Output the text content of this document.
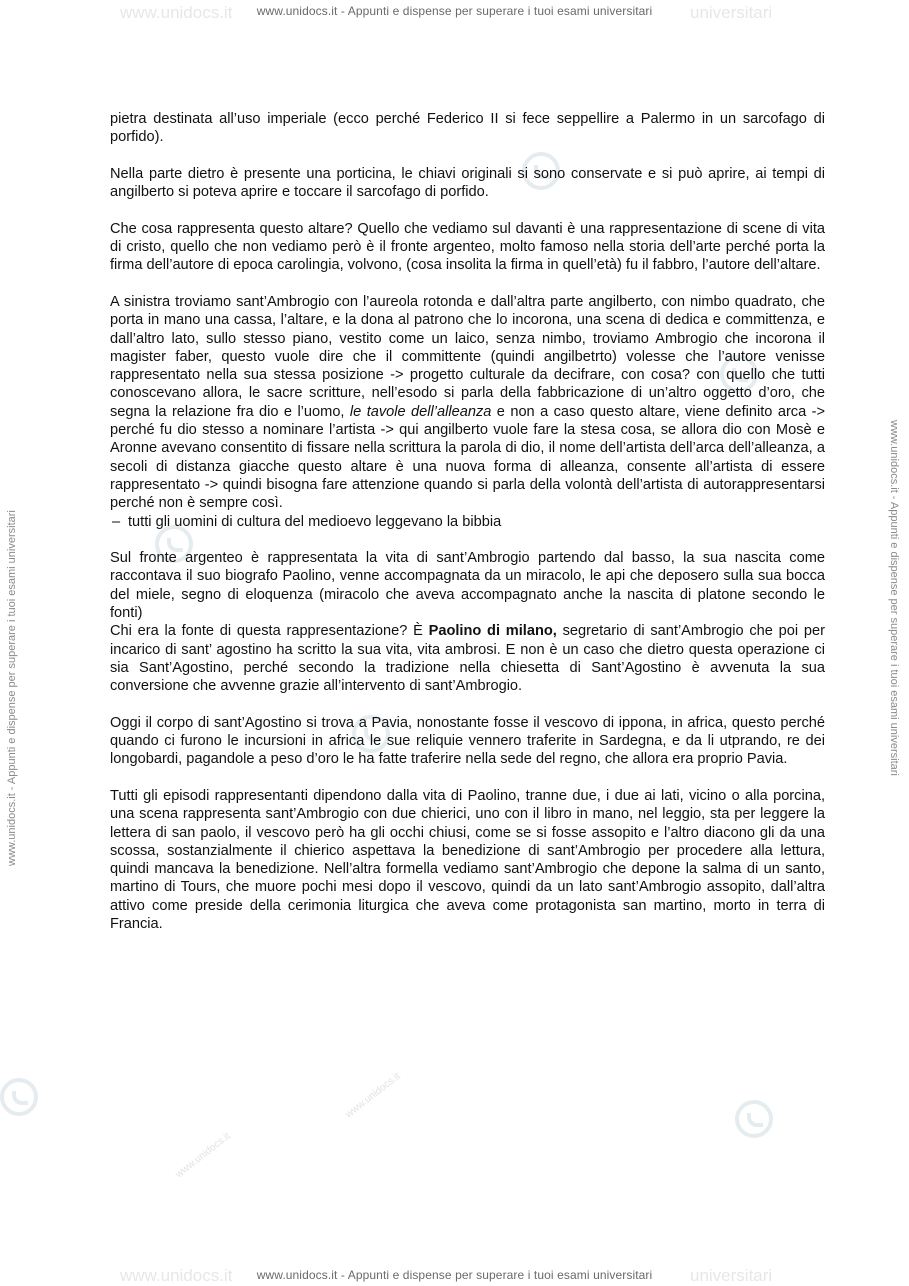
www.unidocs.it	universitari
www.unidocs.it - Appunti e dispense per superare i tuoi esami universitari
www.unidocs.it - Appunti e dispense per superare i tuoi esami universitari	www.unidocs.it - Appunti e dispense per superare i tuoi esami universitari
www.unidocs.it
www.unidocs.it

pietra destinata all’uso imperiale (ecco perché Federico II si fece seppellire a Palermo in un sarcofago di porfido).

Nella parte dietro è presente una porticina, le chiavi originali si sono conservate e si può aprire, ai tempi di angilberto si poteva aprire e toccare il sarcofago di porfido.

Che cosa rappresenta questo altare? Quello che vediamo sul davanti è una rappresentazione di scene di vita di cristo, quello che non vediamo però è il fronte argenteo, molto famoso nella storia dell’arte perché porta la firma dell’autore di epoca carolingia, volvono, (cosa insolita la firma in quell’età) fu il fabbro, l’autore dell’altare.

A sinistra troviamo sant’Ambrogio con l’aureola rotonda e dall’altra parte angilberto, con nimbo quadrato, che porta in mano una cassa, l’altare, e la dona al patrono che lo incorona, una scena di dedica e committenza, e dall’altro lato, sullo stesso piano, vestito come un laico, senza nimbo, troviamo Ambrogio che incorona il magister faber, questo vuole dire che il committente (quindi angilbetrto) volesse che l’autore venisse rappresentato nella sua stessa posizione -> progetto culturale da decifrare, con cosa? con quello che tutti conoscevano allora, le sacre scritture, nell’esodo si parla della fabbricazione di un’altro oggetto d’oro, che segna la relazione fra dio e l’uomo, le tavole dell’alleanza e non a caso questo altare, viene definito arca -> perché fu dio stesso a nominare l’artista -> qui angilberto vuole fare la stesa cosa, se allora dio con Mosè e Aronne avevano consentito di fissare nella scrittura la parola di dio, il nome dell’artista dell’arca dell’alleanza, a secoli di distanza giacche questo altare è una nuova forma di alleanza, consente all’artista di essere rappresentato -> quindi bisogna fare attenzione quando si parla della volontà dell’artista di autorappresentarsi perché non è sempre così.

– tutti gli uomini di cultura del medioevo leggevano la bibbia

Sul fronte argenteo è rappresentata la vita di sant’Ambrogio partendo dal basso, la sua nascita come raccontava il suo biografo Paolino, venne accompagnata da un miracolo, le api che deposero sulla sua bocca del miele, segno di eloquenza (miracolo che aveva accompagnato anche la nascita di platone secondo le fonti)

Chi era la fonte di questa rappresentazione? È Paolino di milano, segretario di sant’Ambrogio che poi per incarico di sant’ agostino ha scritto la sua vita, vita ambrosi. E non è un caso che dietro questa operazione ci sia Sant’Agostino, perché secondo la tradizione nella chiesetta di Sant’Agostino è avvenuta la sua conversione che avvenne grazie all’intervento di sant’Ambrogio.

Oggi il corpo di sant’Agostino si trova a Pavia, nonostante fosse il vescovo di ippona, in africa, questo perché quando ci furono le incursioni in africa le sue reliquie vennero traferite in Sardegna, e da li utprando, re dei longobardi, pagandole a peso d’oro le ha fatte traferire nella sede del regno, che allora era proprio Pavia.

Tutti gli episodi rappresentanti dipendono dalla vita di Paolino, tranne due, i due ai lati, vicino o alla porcina, una scena rappresenta sant’Ambrogio con due chierici, uno con il libro in mano, nel leggio, sta per leggere la lettera di san paolo, il vescovo però ha gli occhi chiusi, come se si fosse assopito e l’altro diacono gli da una scossa, sostanzialmente il chierico aspettava la benedizione di sant’Ambrogio per procedere alla lettura, quindi mancava la benedizione. Nell’altra formella vediamo sant’Ambrogio che depone la salma di un santo, martino di Tours, che muore pochi mesi dopo il vescovo, quindi da un lato sant’Ambrogio assopito, dall’altra attivo come preside della cerimonia liturgica che aveva come protagonista san martino, morto in terra di Francia.

www.unidocs.it	universitari
www.unidocs.it - Appunti e dispense per superare i tuoi esami universitari
